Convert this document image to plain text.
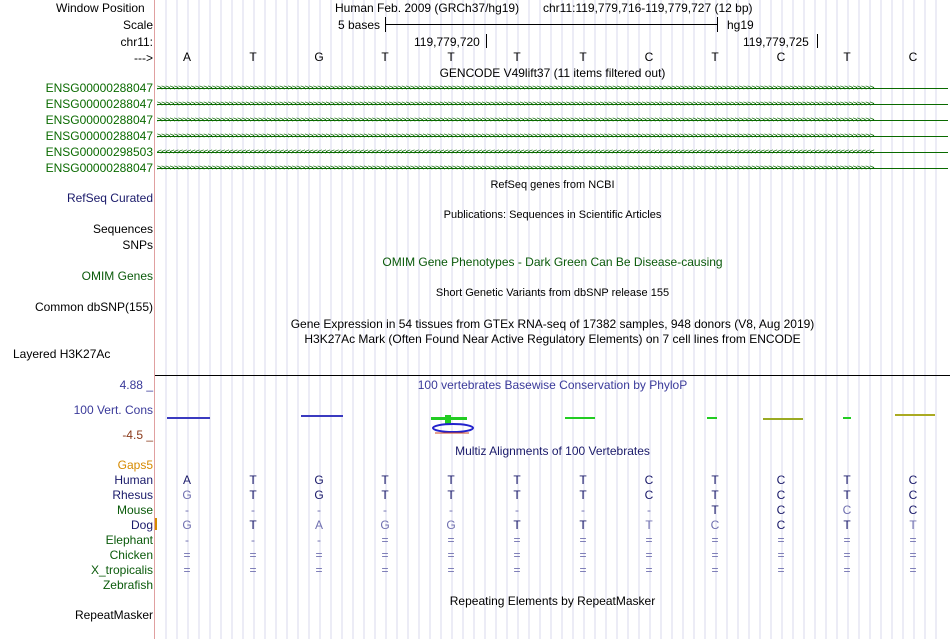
Window Position	Human Feb. 2009 (GRCh37/hg19) chr11:119,779,716-119,779,727 (12 bp)
Scale	5 bases	hg19
chr11:	119,779,720	119,779,725
--->
GENCODE V49lift37 (11 items filtered out)
RefSeq genes from NCBI
RefSeq Curated
Publications: Sequences in Scientific Articles
Sequences
SNPs
OMIM Gene Phenotypes - Dark Green Can Be Disease-causing
OMIM Genes
Short Genetic Variants from dbSNP release 155
Common dbSNP(155)
Gene Expression in 54 tissues from GTEx RNA-seq of 17382 samples, 948 donors (V8, Aug 2019)
H3K27Ac Mark (Often Found Near Active Regulatory Elements) on 7 cell lines from ENCODE
Layered H3K27Ac
100 vertebrates Basewise Conservation by PhyloP
4.88 _
100 Vert. Cons
-4.5 _
Multiz Alignments of 100 Vertebrates
Gaps5
Repeating Elements by RepeatMasker
RepeatMasker
A	T	G	T	T	T	T	C	T	C	T	C
ENSG00000288047 >>>>>>>>>>>>>>>>>>>>>>>>>>>>>>>>>>>>>>>>>>>>>>>>>>>>>>>>>>>>>>>>>>>>>>>>>>>>>>>>>>>>>>>>>>>>>>>>>>>>>>>>>>>>>>>>>>>>>>>>>>>>>>>>>>>>>>>>>>>>>>>>>>>>>>>>>>>>>>>>>>>>>>>>>>
ENSG00000288047 >>>>>>>>>>>>>>>>>>>>>>>>>>>>>>>>>>>>>>>>>>>>>>>>>>>>>>>>>>>>>>>>>>>>>>>>>>>>>>>>>>>>>>>>>>>>>>>>>>>>>>>>>>>>>>>>>>>>>>>>>>>>>>>>>>>>>>>>>>>>>>>>>>>>>>>>>>>>>>>>>>>>>>>>>>
ENSG00000288047 >>>>>>>>>>>>>>>>>>>>>>>>>>>>>>>>>>>>>>>>>>>>>>>>>>>>>>>>>>>>>>>>>>>>>>>>>>>>>>>>>>>>>>>>>>>>>>>>>>>>>>>>>>>>>>>>>>>>>>>>>>>>>>>>>>>>>>>>>>>>>>>>>>>>>>>>>>>>>>>>>>>>>>>>>>
ENSG00000288047 >>>>>>>>>>>>>>>>>>>>>>>>>>>>>>>>>>>>>>>>>>>>>>>>>>>>>>>>>>>>>>>>>>>>>>>>>>>>>>>>>>>>>>>>>>>>>>>>>>>>>>>>>>>>>>>>>>>>>>>>>>>>>>>>>>>>>>>>>>>>>>>>>>>>>>>>>>>>>>>>>>>>>>>>>>
ENSG00000298503 <<<<<<<<<<<<<<<<<<<<<<<<<<<<<<<<<<<<<<<<<<<<<<<<<<<<<<<<<<<<<<<<<<<<<<<<<<<<<<<<<<<<<<<<<<<<<<<<<<<<<<<<<<<<<<<<<<<<<<<<<<<<<<<<<<<<<<<<<<<<<<<<<<<<<<<<<<<<<<<<<<<<<<<<<<
ENSG00000288047 >>>>>>>>>>>>>>>>>>>>>>>>>>>>>>>>>>>>>>>>>>>>>>>>>>>>>>>>>>>>>>>>>>>>>>>>>>>>>>>>>>>>>>>>>>>>>>>>>>>>>>>>>>>>>>>>>>>>>>>>>>>>>>>>>>>>>>>>>>>>>>>>>>>>>>>>>>>>>>>>>>>>>>>>>>
Human	A	T	G	T	T	T	T	C	T	C	T	C
Rhesus	G	T	G	T	T	T	T	C	T	C	T	C
Mouse	-	-	-	-	-	-	-	-	T	C	C	C
Dog	G	T	A	G	G	T	T	T	C	C	T	T
Elephant	-	-	-	=	=	=	=	=	=	=	=	=
Chicken	=	=	=	=	=	=	=	=	=	=	=	=
X_tropicalis	=	=	=	=	=	=	=	=	=	=	=	=
Zebrafish
